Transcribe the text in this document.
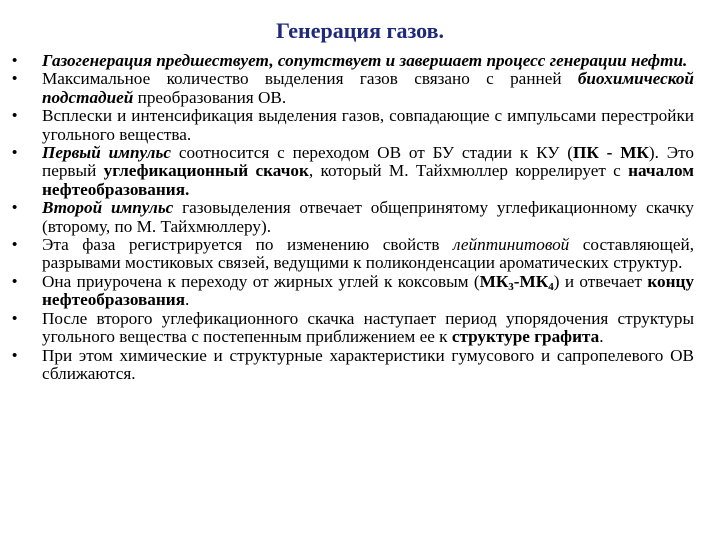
Генерация газов.
• Газогенерация предшествует, сопутствует и завершает процесс генерации нефти.
• Максимальное количество выделения газов связано с ранней биохимической подстадией преобразования ОВ.
• Всплески и интенсификация выделения газов, совпадающие с импульсами перестройки угольного вещества.
• Первый импульс соотносится с переходом ОВ от БУ стадии к КУ (ПК - МК). Это первый углефикационный скачок, который М. Тайхмюллер коррелирует с началом нефтеобразования.
• Второй импульс газовыделения отвечает общепринятому углефикационному скачку (второму, по М. Тайхмюллеру).
• Эта фаза регистрируется по изменению свойств лейптинитовой составляющей, разрывами мостиковых связей, ведущими к поликонденсации ароматических структур.
• Она приурочена к переходу от жирных углей к коксовым $(МК_3-МК_4)$ и отвечает концу нефтеобразования.
• После второго углефикационного скачка наступает период упорядочения структуры угольного вещества с постепенным приближением ее к структуре графита.
• При этом химические и структурные характеристики гумусового и сапропелевого ОВ сближаются.
